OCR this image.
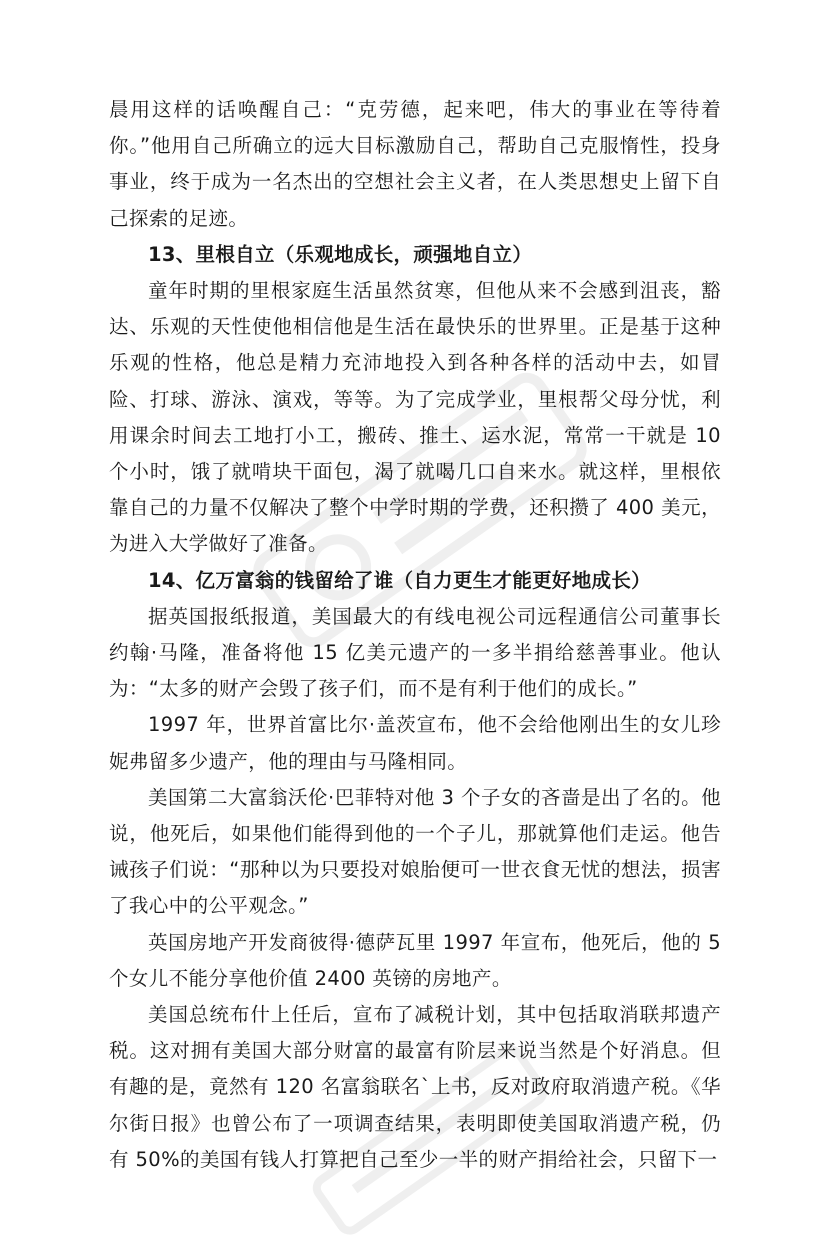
晨用这样的话唤醒自己：“克劳德，起来吧，伟大的事业在等待着你。”他用自己所确立的远大目标激励自己，帮助自己克服惰性，投身事业，终于成为一名杰出的空想社会主义者，在人类思想史上留下自己探索的足迹。

13、里根自立（乐观地成长，顽强地自立）

童年时期的里根家庭生活虽然贫寒，但他从来不会感到沮丧，豁达、乐观的天性使他相信他是生活在最快乐的世界里。正是基于这种乐观的性格，他总是精力充沛地投入到各种各样的活动中去，如冒险、打球、游泳、演戏，等等。为了完成学业，里根帮父母分忧，利用课余时间去工地打小工，搬砖、推土、运水泥，常常一干就是 10 个小时，饿了就啃块干面包，渴了就喝几口自来水。就这样，里根依靠自己的力量不仅解决了整个中学时期的学费，还积攒了 400 美元，为进入大学做好了准备。

14、亿万富翁的钱留给了谁（自力更生才能更好地成长）

据英国报纸报道，美国最大的有线电视公司远程通信公司董事长约翰·马隆，准备将他 15 亿美元遗产的一多半捐给慈善事业。他认为：“太多的财产会毁了孩子们，而不是有利于他们的成长。”

1997 年，世界首富比尔·盖茨宣布，他不会给他刚出生的女儿珍妮弗留多少遗产，他的理由与马隆相同。

美国第二大富翁沃伦·巴菲特对他 3 个子女的吝啬是出了名的。他说，他死后，如果他们能得到他的一个子儿，那就算他们走运。他告诫孩子们说：“那种以为只要投对娘胎便可一世衣食无忧的想法，损害了我心中的公平观念。”

英国房地产开发商彼得·德萨瓦里 1997 年宣布，他死后，他的 5 个女儿不能分享他价值 2400 英镑的房地产。

美国总统布什上任后，宣布了减税计划，其中包括取消联邦遗产税。这对拥有美国大部分财富的最富有阶层来说当然是个好消息。但有趣的是，竟然有 120 名富翁联名`上书，反对政府取消遗产税。《华尔街日报》也曾公布了一项调查结果，表明即使美国取消遗产税，仍有 50%的美国有钱人打算把自己至少一半的财产捐给社会，只留下一
